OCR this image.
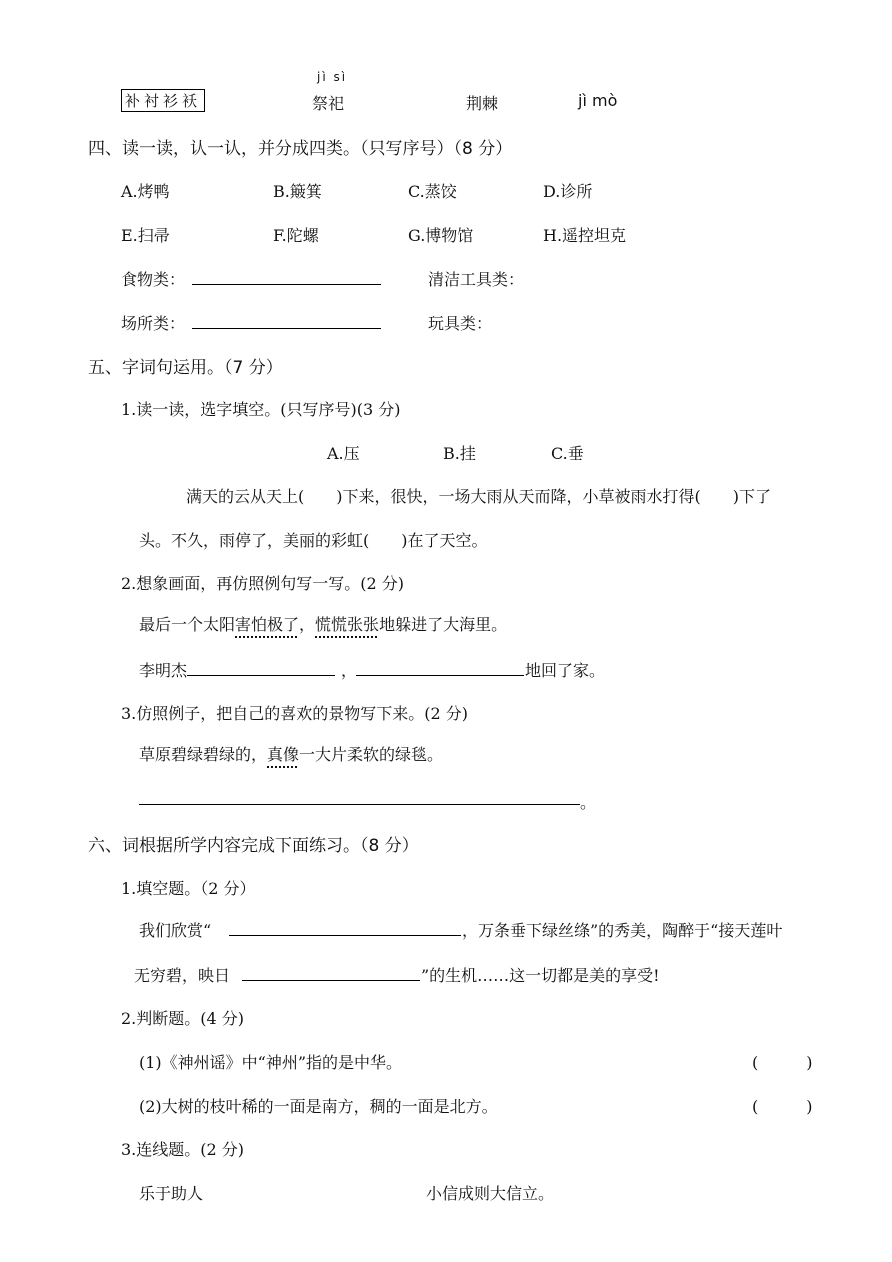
补衬衫袄
jì sì
祭祀	荆棘	jì mò
四、读一读，认一认，并分成四类。（只写序号）（8 分）
A.烤鸭	B.簸箕	C.蒸饺	D.诊所
E.扫帚	F.陀螺	G.博物馆	H.遥控坦克
食物类：	清洁工具类：
场所类：	玩具类：
五、字词句运用。（7 分）
1.读一读，选字填空。(只写序号)(3 分)
A.压	B.挂	C.垂
满天的云从天上(　　)下来，很快，一场大雨从天而降，小草被雨水打得(　　)下了
头。不久，雨停了，美丽的彩虹(　　)在了天空。
2.想象画面，再仿照例句写一写。(2 分)
最后一个太阳害怕极了，慌慌张张地躲进了大海里。
李明杰	，	地回了家。
3.仿照例子，把自己的喜欢的景物写下来。(2 分)
草原碧绿碧绿的，真像一大片柔软的绿毯。
。
六、词根据所学内容完成下面练习。（8 分）
1.填空题。（2 分）
我们欣赏“	，万条垂下绿丝绦”的秀美，陶醉于“接天莲叶
无穷碧，映日	”的生机……这一切都是美的享受!
2.判断题。(4 分)
(1)《神州谣》中“神州”指的是中华。	(　　　)
(2)大树的枝叶稀的一面是南方，稠的一面是北方。	(　　　)
3.连线题。(2 分)
乐于助人	小信成则大信立。
